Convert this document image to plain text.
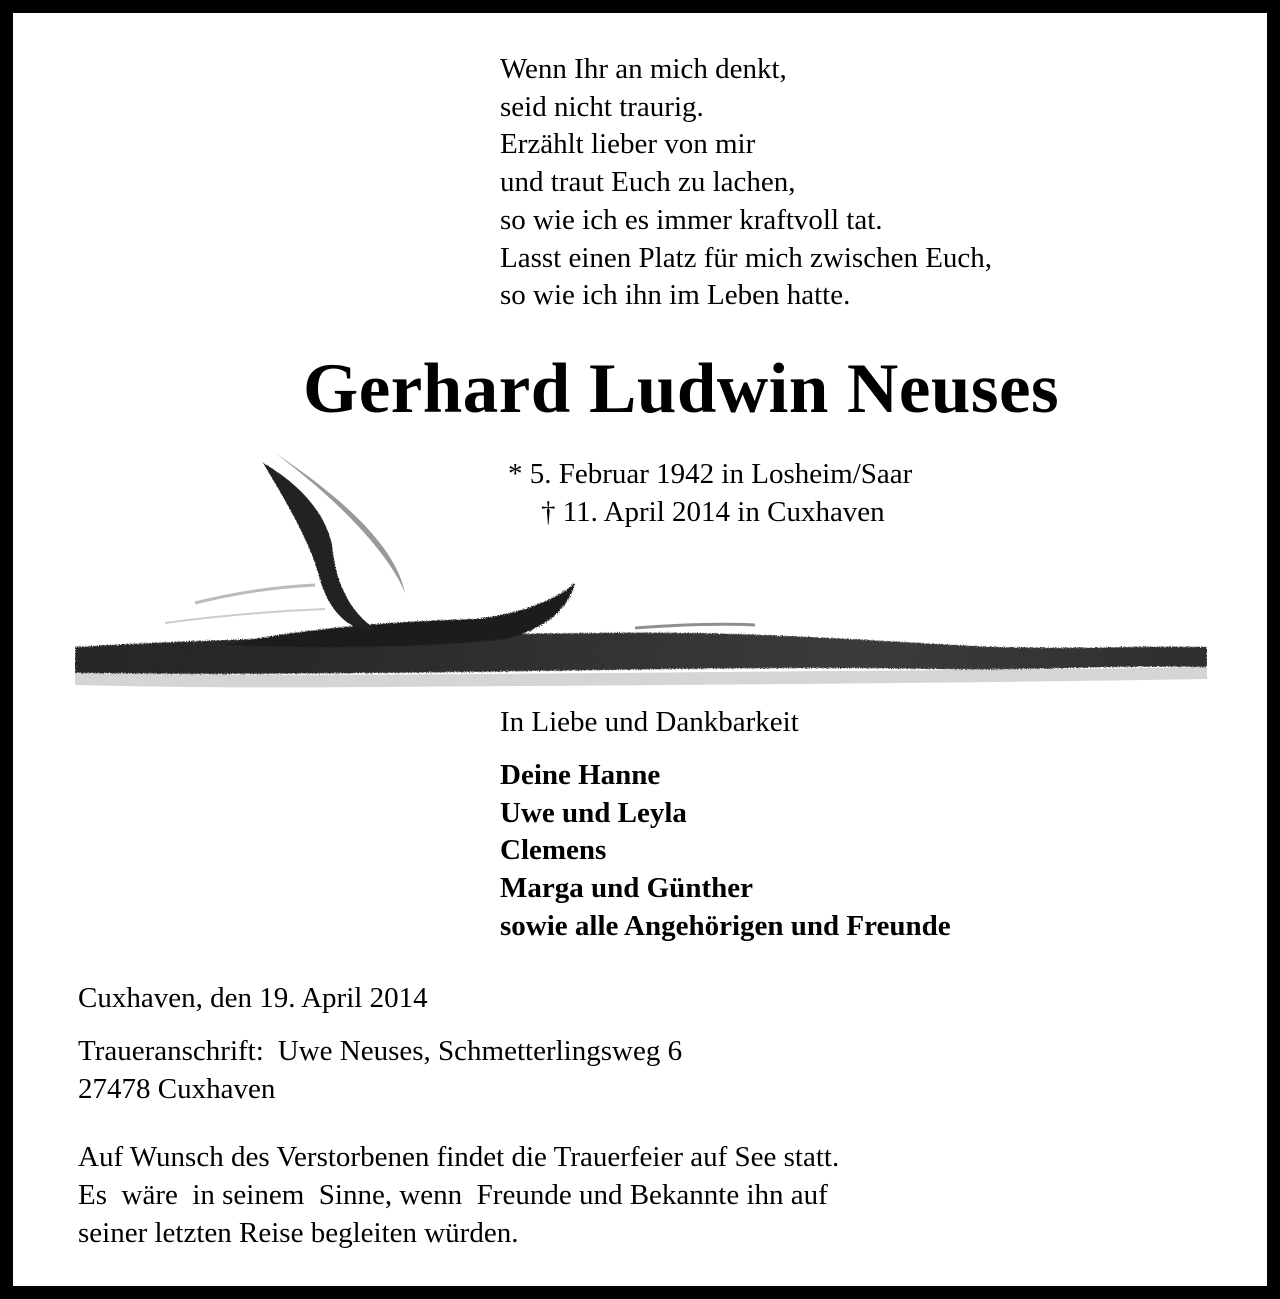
Wenn Ihr an mich denkt,
seid nicht traurig.
Erzählt lieber von mir
und traut Euch zu lachen,
so wie ich es immer kraftvoll tat.
Lasst einen Platz für mich zwischen Euch,
so wie ich ihn im Leben hatte.
Gerhard Ludwin Neuses
* 5. Februar 1942 in Losheim/Saar
† 11. April 2014 in Cuxhaven
In Liebe und Dankbarkeit
Deine Hanne
Uwe und Leyla
Clemens
Marga und Günther
sowie alle Angehörigen und Freunde
Cuxhaven, den 19. April 2014
Traueranschrift: Uwe Neuses, Schmetterlingsweg 6
27478 Cuxhaven
Auf Wunsch des Verstorbenen findet die Trauerfeier auf See statt.
Es  wäre  in seinem  Sinne, wenn  Freunde und Bekannte ihn auf
seiner letzten Reise begleiten würden.
